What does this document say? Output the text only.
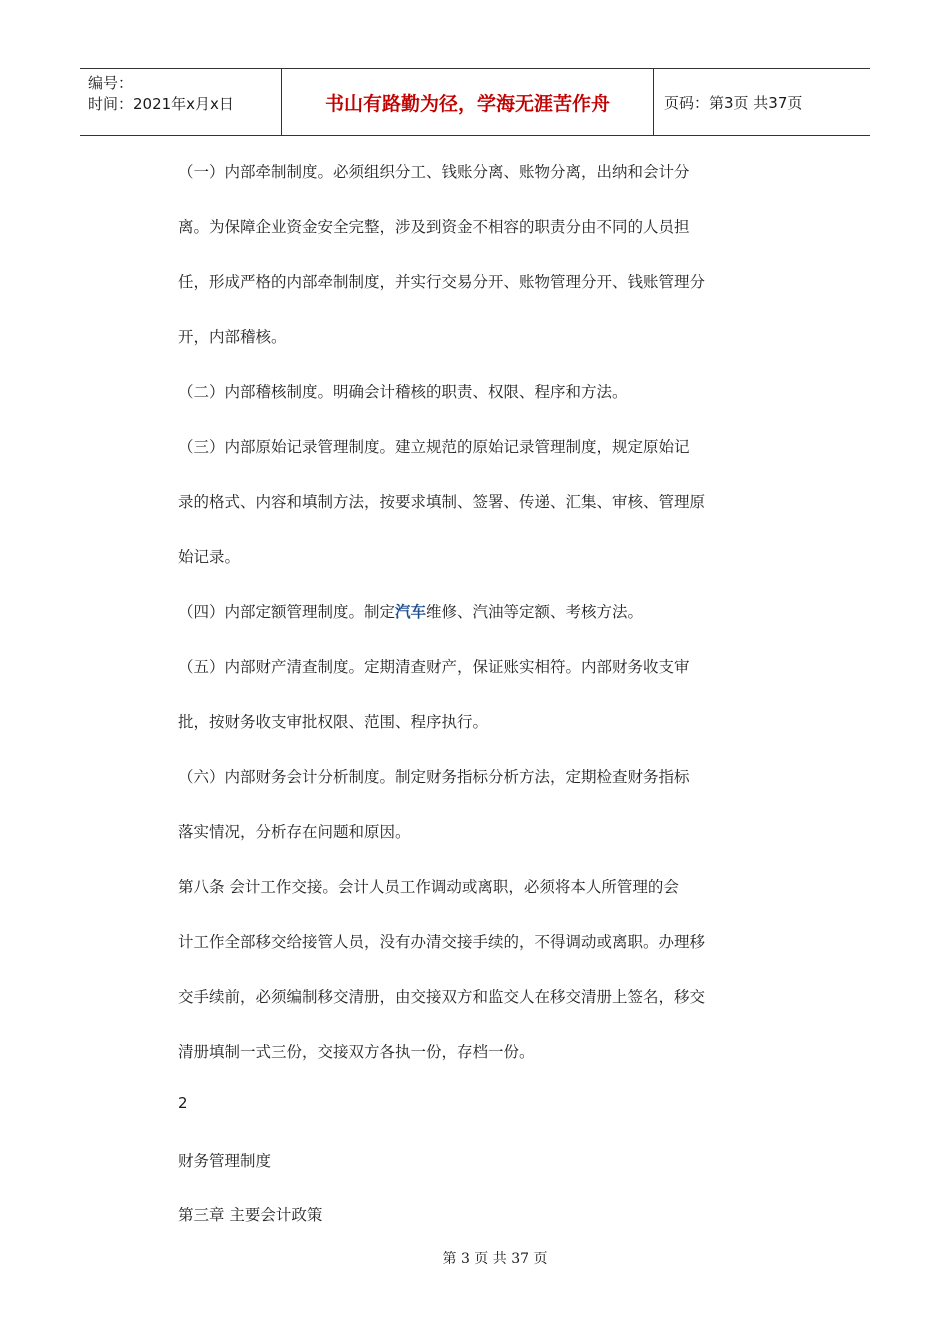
编号：
时间：2021年x月x日	书山有路勤为径，学海无涯苦作舟	页码：第3页 共37页
（一）内部牵制制度。必须组织分工、钱账分离、账物分离，出纳和会计分
离。为保障企业资金安全完整，涉及到资金不相容的职责分由不同的人员担
任，形成严格的内部牵制制度，并实行交易分开、账物管理分开、钱账管理分
开，内部稽核。
（二）内部稽核制度。明确会计稽核的职责、权限、程序和方法。
（三）内部原始记录管理制度。建立规范的原始记录管理制度，规定原始记
录的格式、内容和填制方法，按要求填制、签署、传递、汇集、审核、管理原
始记录。
（四）内部定额管理制度。制定汽车维修、汽油等定额、考核方法。
（五）内部财产清查制度。定期清查财产，保证账实相符。内部财务收支审
批，按财务收支审批权限、范围、程序执行。
（六）内部财务会计分析制度。制定财务指标分析方法，定期检查财务指标
落实情况，分析存在问题和原因。
第八条 会计工作交接。会计人员工作调动或离职，必须将本人所管理的会
计工作全部移交给接管人员，没有办清交接手续的，不得调动或离职。办理移
交手续前，必须编制移交清册，由交接双方和监交人在移交清册上签名，移交
清册填制一式三份，交接双方各执一份，存档一份。
2
财务管理制度
第三章 主要会计政策
第 3 页 共 37 页
